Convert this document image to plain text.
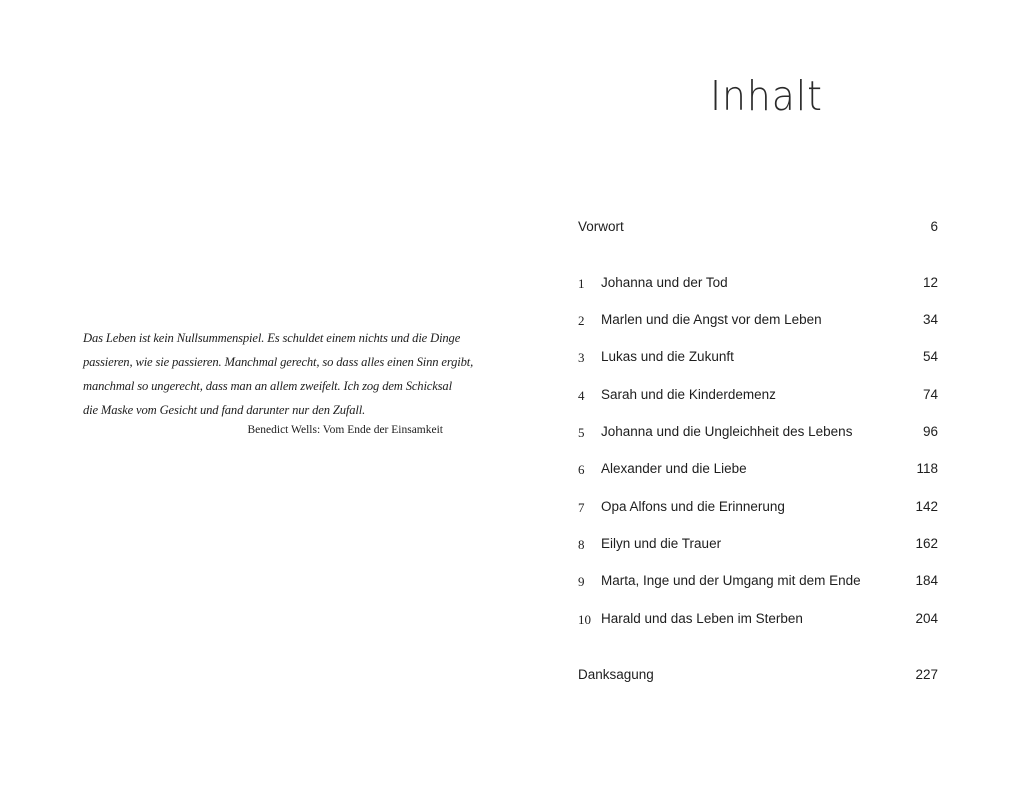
Das Leben ist kein Nullsummenspiel. Es schuldet einem nichts und die Dinge
passieren, wie sie passieren. Manchmal gerecht, so dass alles einen Sinn ergibt,
manchmal so ungerecht, dass man an allem zweifelt. Ich zog dem Schicksal
die Maske vom Gesicht und fand darunter nur den Zufall.
Benedict Wells: Vom Ende der Einsamkeit
Inhalt
Vorwort	6
1 Johanna und der Tod	12
2 Marlen und die Angst vor dem Leben	34
3 Lukas und die Zukunft	54
4 Sarah und die Kinderdemenz	74
5 Johanna und die Ungleichheit des Lebens	96
6 Alexander und die Liebe	118
7 Opa Alfons und die Erinnerung	142
8 Eilyn und die Trauer	162
9 Marta, Inge und der Umgang mit dem Ende	184
10 Harald und das Leben im Sterben	204
Danksagung	227
